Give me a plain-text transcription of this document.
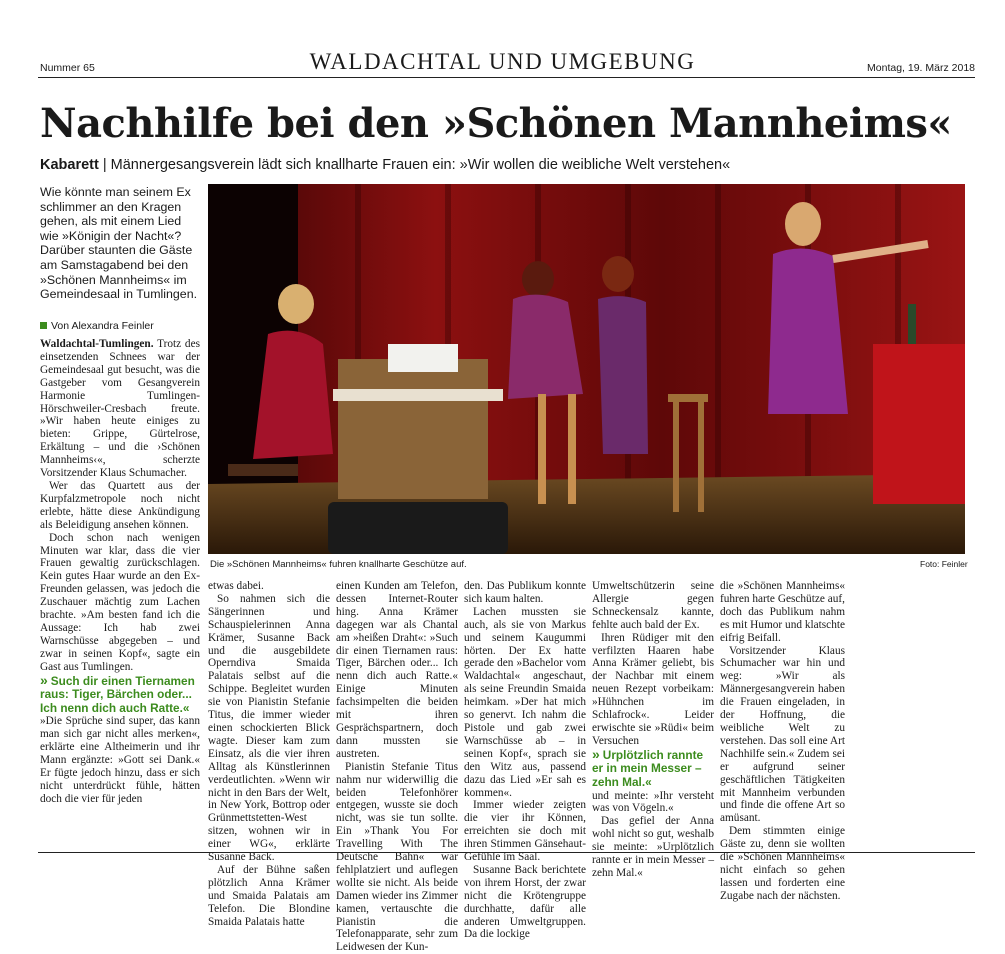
Nummer 65	WALDACHTAL UND UMGEBUNG	Montag, 19. März 2018
Nachhilfe bei den »Schönen Mannheims«
Kabarett | Männergesangsverein lädt sich knallharte Frauen ein: »Wir wollen die weibliche Welt verstehen«
Wie könnte man seinem Ex schlimmer an den Kragen gehen, als mit einem Lied wie »Königin der Nacht«? Darüber staunten die Gäste am Samstagabend bei den »Schönen Mannheims« im Gemeindesaal in Tumlingen.
Von Alexandra Feinler
Die »Schönen Mannheims« fuhren knallharte Geschütze auf.	Foto: Feinler

Waldachtal-Tumlingen. Trotz des einsetzenden Schnees war der Gemeindesaal gut besucht, was die Gastgeber vom Gesangverein Harmonie Tumlingen-Hörschweiler-Cresbach freute. »Wir haben heute einiges zu bieten: Grippe, Gürtelrose, Erkältung – und die ›Schönen Mannheims‹«, scherzte Vorsitzender Klaus Schumacher.

Wer das Quartett aus der Kurpfalzmetropole noch nicht erlebte, hätte diese Ankündigung als Beleidigung ansehen können.

Doch schon nach wenigen Minuten war klar, dass die vier Frauen gewaltig zurückschlagen. Kein gutes Haar wurde an den Ex-Freunden gelassen, was jedoch die Zuschauer mächtig zum Lachen brachte. »Am besten fand ich die Aussage: Ich hab zwei Warnschüsse abgegeben – und zwar in seinen Kopf«, sagte ein Gast aus Tumlingen.

» Such dir einen Tiernamen raus: Tiger, Bärchen oder... Ich nenn dich auch Ratte.«

»Die Sprüche sind super, das kann man sich gar nicht alles merken«, erklärte eine Altheimerin und ihr Mann ergänzte: »Gott sei Dank.« Er fügte jedoch hinzu, dass er sich nicht unterdrückt fühle, hätten doch die vier für jeden

etwas dabei.

So nahmen sich die Sängerinnen und Schauspielerinnen Anna Krämer, Susanne Back und die ausgebildete Operndiva Smaida Palatais selbst auf die Schippe. Begleitet wurden sie von Pianistin Stefanie Titus, die immer wieder einen schockierten Blick wagte. Dieser kam zum Einsatz, als die vier ihren Alltag als Künstlerinnen verdeutlichten. »Wenn wir nicht in den Bars der Welt, in New York, Bottrop oder Grünmettstetten-West sitzen, wohnen wir in einer WG«, erklärte Susanne Back.

Auf der Bühne saßen plötzlich Anna Krämer und Smaida Palatais am Telefon. Die Blondine Smaida Palatais hatte

einen Kunden am Telefon, dessen Internet-Router hing. Anna Krämer dagegen war als Chantal am »heißen Draht«: »Such dir einen Tiernamen raus: Tiger, Bärchen oder... Ich nenn dich auch Ratte.« Einige Minuten fachsimpelten die beiden mit ihren Gesprächspartnern, doch dann mussten sie austreten.

Pianistin Stefanie Titus nahm nur widerwillig die beiden Telefonhörer entgegen, wusste sie doch nicht, was sie tun sollte. Ein »Thank You For Travelling With The Deutsche Bahn« war fehlplatziert und auflegen wollte sie nicht. Als beide Damen wieder ins Zimmer kamen, vertauschte die Pianistin die Telefonapparate, sehr zum Leidwesen der Kun-

den. Das Publikum konnte sich kaum halten.

Lachen mussten sie auch, als sie von Markus und seinem Kaugummi hörten. Der Ex hatte gerade den »Bachelor vom Waldachtal« angeschaut, als seine Freundin Smaida heimkam. »Der hat mich so genervt. Ich nahm die Pistole und gab zwei Warnschüsse ab – in seinen Kopf«, sprach sie den Witz aus, passend dazu das Lied »Er sah es kommen«.

Immer wieder zeigten die vier ihr Können, erreichten sie doch mit ihren Stimmen Gänsehaut-Gefühle im Saal.

Susanne Back berichtete von ihrem Horst, der zwar nicht die Krötengruppe durchhatte, dafür alle anderen Umweltgruppen. Da die lockige

Umweltschützerin seine Allergie gegen Schneckensalz kannte, fehlte auch bald der Ex.

Ihren Rüdiger mit den verfilzten Haaren habe Anna Krämer geliebt, bis der Nachbar mit einem neuen Rezept vorbeikam: »Hühnchen im Schlafrock«. Leider erwischte sie »Rüdi« beim Versuchen

» Urplötzlich rannte er in mein Messer – zehn Mal.«

und meinte: »Ihr versteht was von Vögeln.«

Das gefiel der Anna wohl nicht so gut, weshalb sie meinte: »Urplötzlich rannte er in mein Messer – zehn Mal.«

die »Schönen Mannheims« fuhren harte Geschütze auf, doch das Publikum nahm es mit Humor und klatschte eifrig Beifall.

Vorsitzender Klaus Schumacher war hin und weg: »Wir als Männergesangverein haben die Frauen eingeladen, in der Hoffnung, die weibliche Welt zu verstehen. Das soll eine Art Nachhilfe sein.« Zudem sei er aufgrund seiner geschäftlichen Tätigkeiten mit Mannheim verbunden und finde die offene Art so amüsant.

Dem stimmten einige Gäste zu, denn sie wollten die »Schönen Mannheims« nicht einfach so gehen lassen und forderten eine Zugabe nach der nächsten.
